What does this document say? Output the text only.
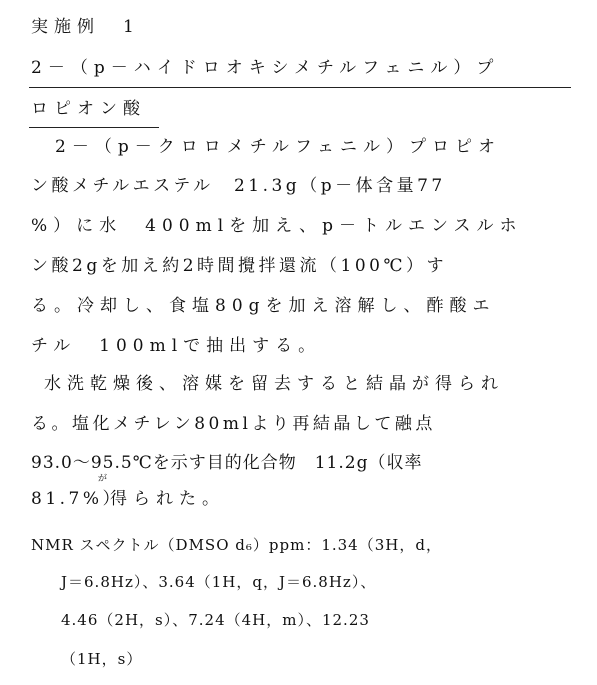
実施例　1
2－（p－ハイドロオキシメチルフェニル）プ
ロピオン酸
2－（p－クロロメチルフェニル）プロピオ
ン酸メチルエステル　21.3g（p－体含量77
%）に水　400mlを加え、p－トルエンスルホ
ン酸2gを加え約2時間攪拌還流（100℃）す
る。冷却し、食塩80gを加え溶解し、酢酸エ
チル　100mlで抽出する。
水洗乾燥後、溶媒を留去すると結晶が得られ
る。塩化メチレン80mlより再結晶して融点
93.0〜95.5℃を示す目的化合物　11.2g（収率
が
81.7%）
得られた。
NMR スペクトル（DMSO d₆）ppm：1.34（3H，d，
J＝6.8Hz）、3.64（1H，q，J＝6.8Hz）、
4.46（2H，s）、7.24（4H，m）、12.23
（1H，s）
